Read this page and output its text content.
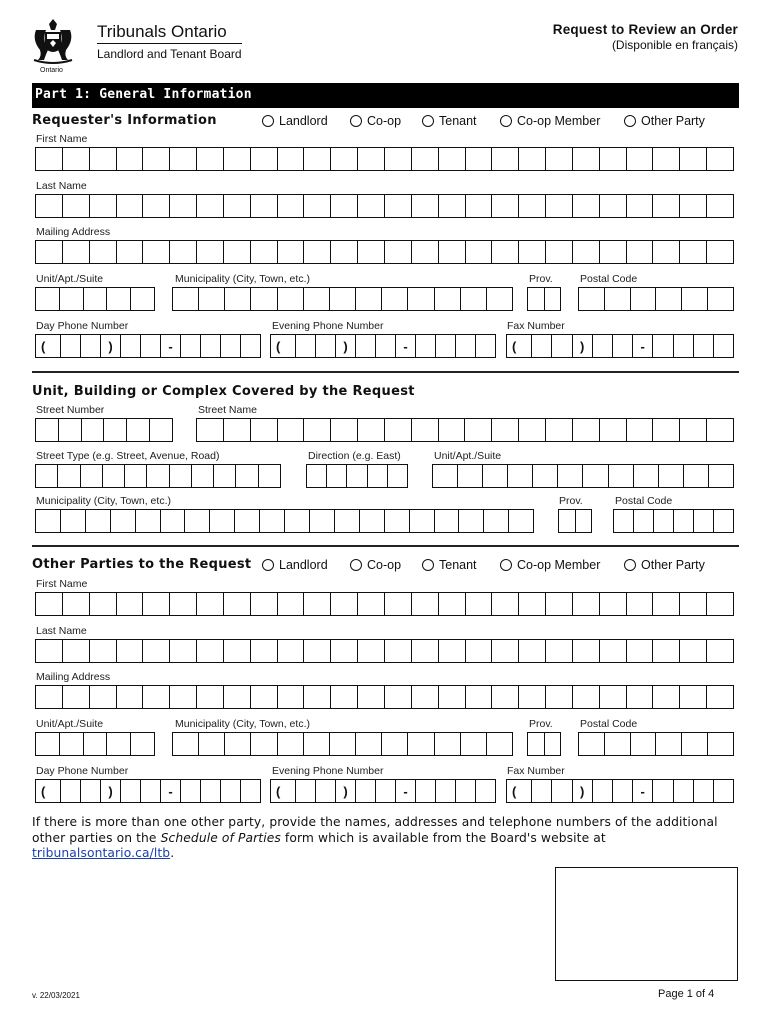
Ontario
Tribunals Ontario
Landlord and Tenant Board
Request to Review an Order
(Disponible en français)
Part 1: General Information
Requester's Information	Landlord	Co-op	Tenant	Co-op Member	Other Party
First Name
Last Name
Mailing Address
Unit/Apt./Suite	Municipality (City, Town, etc.)	Prov.	Postal Code
Day Phone Number	Evening Phone Number	Fax Number
(	)	-	(	)	-	(	)	-
Unit, Building or Complex Covered by the Request
Street Number	Street Name
Street Type (e.g. Street, Avenue, Road)	Direction (e.g. East)	Unit/Apt./Suite
Municipality (City, Town, etc.)	Prov.	Postal Code
Other Parties to the Request Landlord	Co-op	Tenant	Co-op Member	Other Party
First Name
Last Name
Mailing Address
Unit/Apt./Suite	Municipality (City, Town, etc.)	Prov.	Postal Code
Day Phone Number	Evening Phone Number	Fax Number
(	)	-	(	)	-	(	)	-
If there is more than one other party, provide the names, addresses and telephone numbers of the additional other parties on the Schedule of Parties form which is available from the Board's website at
tribunalsontario.ca/ltb.
v. 22/03/2021	Page 1 of 4
